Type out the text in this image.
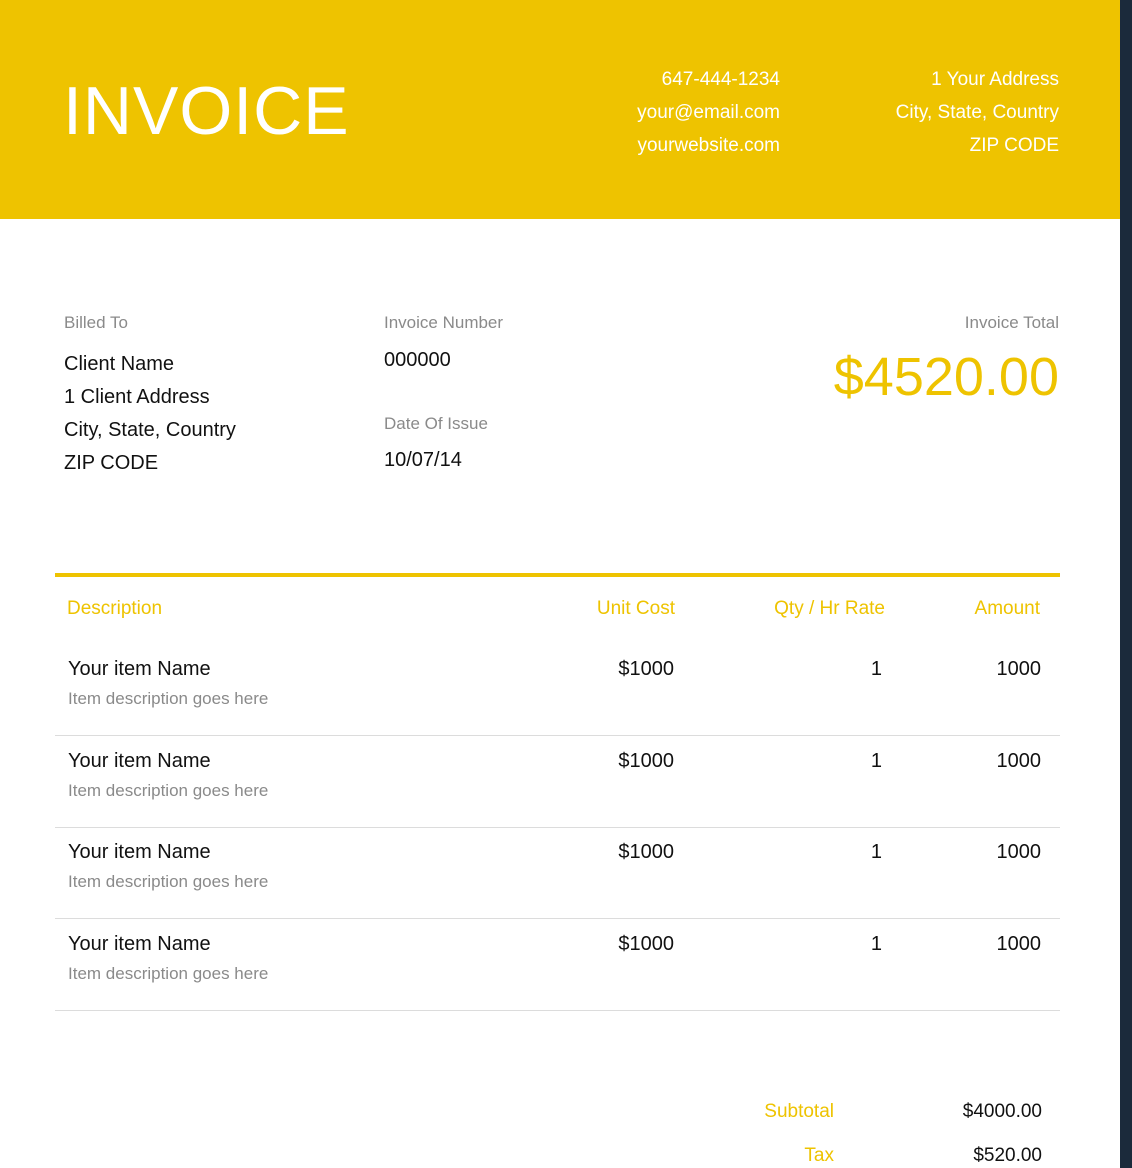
INVOICE	647-444-1234
your@email.com
yourwebsite.com
1 Your Address
City, State, Country
ZIP CODE
Billed To
Client Name
1 Client Address
City, State, Country
ZIP CODE
Invoice Number
000000
Date Of Issue
10/07/14
Invoice Total
$4520.00
Description	Unit Cost	Qty / Hr Rate	Amount
Your item Name
Item description goes here
$1000	1	1000
Your item Name
Item description goes here
$1000	1	1000
Your item Name
Item description goes here
$1000	1	1000
Your item Name
Item description goes here
$1000	1	1000
Subtotal	$4000.00
Tax	$520.00
